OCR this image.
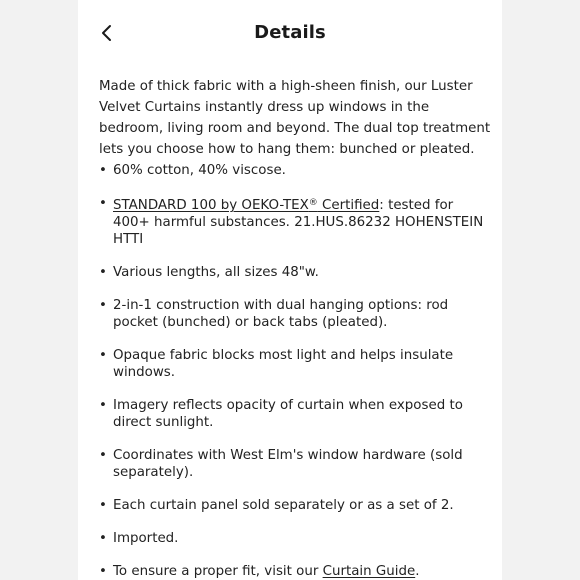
Details

Made of thick fabric with a high-sheen finish, our Luster Velvet Curtains instantly dress up windows in the bedroom, living room and beyond. The dual top treatment lets you choose how to hang them: bunched or pleated.

• 60% cotton, 40% viscose.
• STANDARD 100 by OEKO-TEX® Certified: tested for 400+ harmful substances. 21.HUS.86232 HOHENSTEIN HTTI
• Various lengths, all sizes 48"w.
• 2-in-1 construction with dual hanging options: rod pocket (bunched) or back tabs (pleated).
• Opaque fabric blocks most light and helps insulate windows.
• Imagery reflects opacity of curtain when exposed to direct sunlight.
• Coordinates with West Elm's window hardware (sold separately).
• Each curtain panel sold separately or as a set of 2.
• Imported.
• To ensure a proper fit, visit our Curtain Guide.
